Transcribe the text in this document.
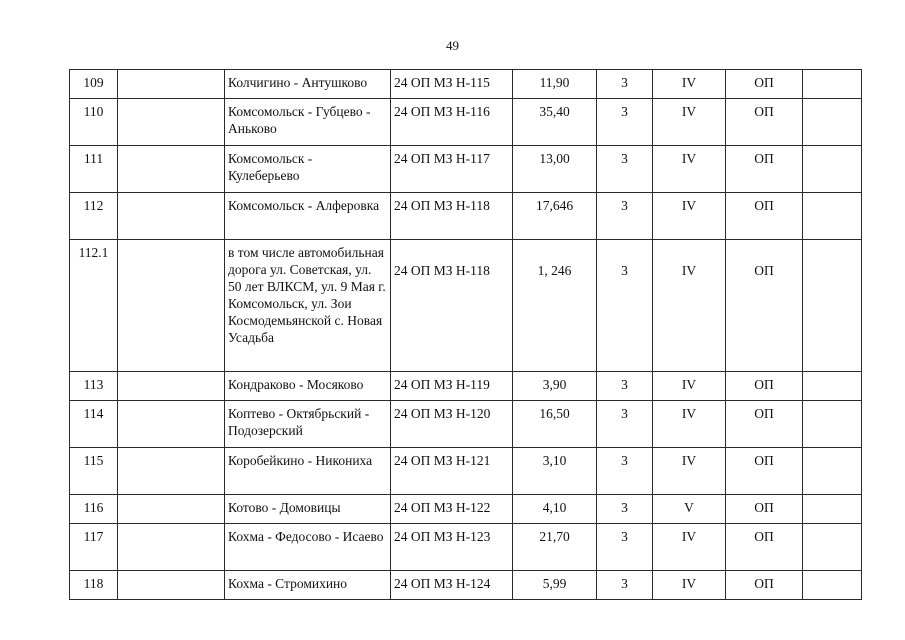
49
109		Колчигино - Антушково	24 ОП МЗ Н-115	11,90	3	IV	ОП	
110		Комсомольск - Губцево - Аньково	24 ОП МЗ Н-116	35,40	3	IV	ОП	
111		Комсомольск - Кулеберьево	24 ОП МЗ Н-117	13,00	3	IV	ОП	
112		Комсомольск - Алферовка	24 ОП МЗ Н-118	17,646	3	IV	ОП	
112.1		в том числе автомобильная дорога ул. Советская, ул. 50 лет ВЛКСМ, ул. 9 Мая г. Комсомольск, ул. Зои Космодемьянской с. Новая Усадьба	24 ОП МЗ Н-118	1, 246	3	IV	ОП	
113		Кондраково - Мосяково	24 ОП МЗ Н-119	3,90	3	IV	ОП	
114		Коптево - Октябрьский - Подозерский	24 ОП МЗ Н-120	16,50	3	IV	ОП	
115		Коробейкино - Никониха	24 ОП МЗ Н-121	3,10	3	IV	ОП	
116		Котово - Домовицы	24 ОП МЗ Н-122	4,10	3	V	ОП	
117		Кохма - Федосово - Исаево	24 ОП МЗ Н-123	21,70	3	IV	ОП	
118		Кохма - Стромихино	24 ОП МЗ Н-124	5,99	3	IV	ОП	
